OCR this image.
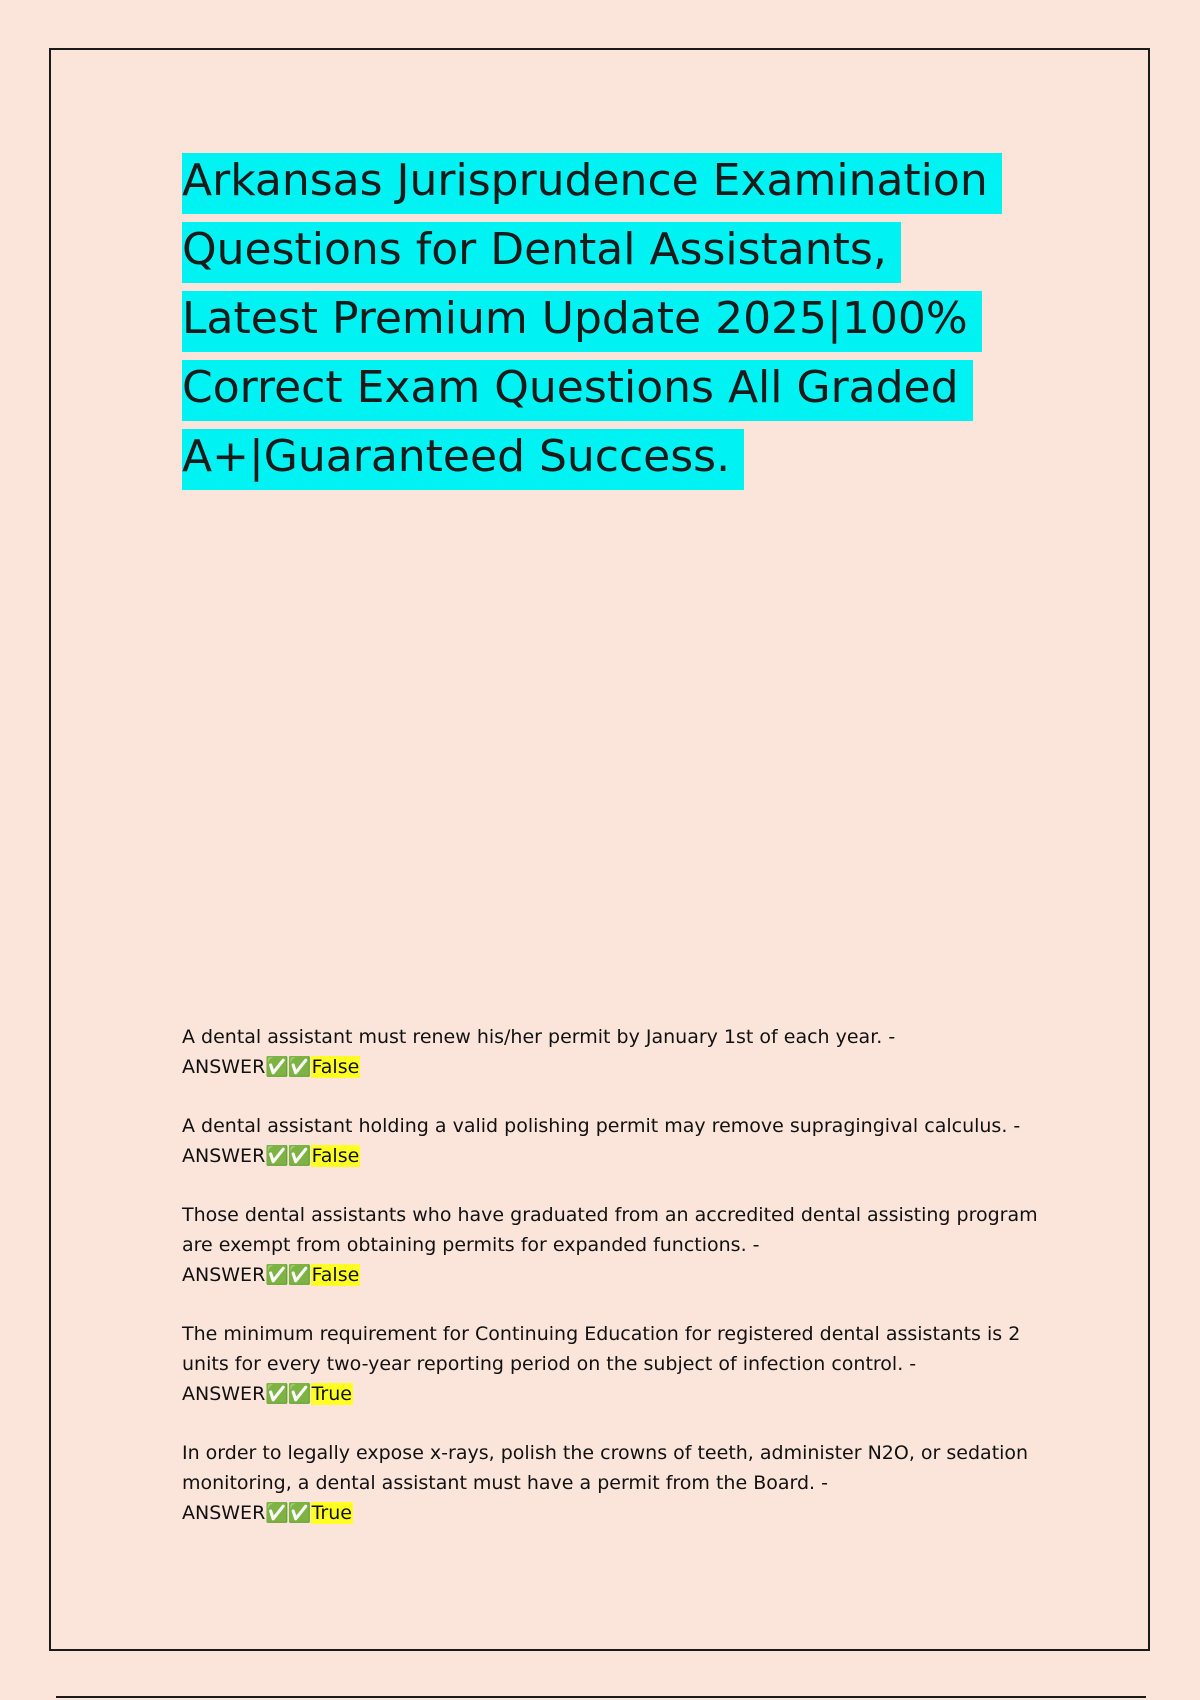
Arkansas Jurisprudence Examination
Questions for Dental Assistants,
Latest Premium Update 2025|100%
Correct Exam Questions All Graded
A+|Guaranteed Success.
A dental assistant must renew his/her permit by January 1st of each year. -
ANSWER✅✅False
A dental assistant holding a valid polishing permit may remove supragingival calculus. - ANSWER✅✅False
Those dental assistants who have graduated from an accredited dental assisting program are exempt from obtaining permits for expanded functions. -
ANSWER✅✅False
The minimum requirement for Continuing Education for registered dental assistants is 2 units for every two-year reporting period on the subject of infection control. -
ANSWER✅✅True
In order to legally expose x-rays, polish the crowns of teeth, administer N2O, or sedation monitoring, a dental assistant must have a permit from the Board. -
ANSWER✅✅True
